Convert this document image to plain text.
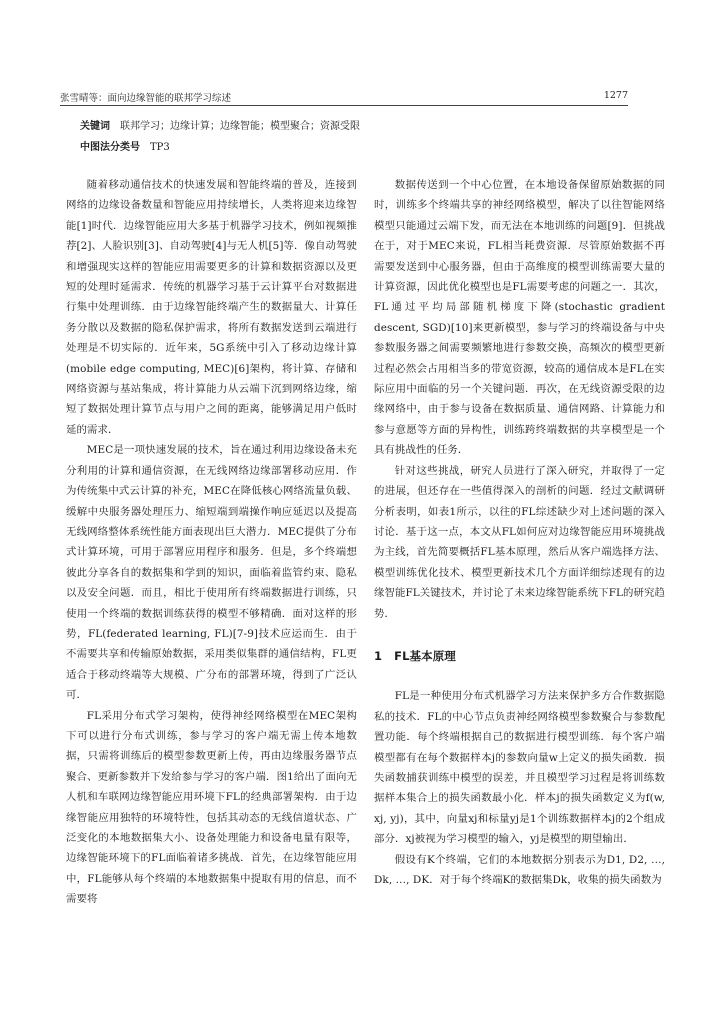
张雪晴等：面向边缘智能的联邦学习综述	1277
关键词 联邦学习；边缘计算；边缘智能；模型聚合；资源受限
中图法分类号 TP3

随着移动通信技术的快速发展和智能终端的普及，连接到网络的边缘设备数量和智能应用持续增长，人类将迎来边缘智能[1]时代．边缘智能应用大多基于机器学习技术，例如视频推荐[2]、人脸识别[3]、自动驾驶[4]与无人机[5]等．像自动驾驶和增强现实这样的智能应用需要更多的计算和数据资源以及更短的处理时延需求．传统的机器学习基于云计算平台对数据进行集中处理训练．由于边缘智能终端产生的数据量大、计算任务分散以及数据的隐私保护需求，将所有数据发送到云端进行处理是不切实际的．近年来，5G系统中引入了移动边缘计算(mobile edge computing, MEC)[6]架构，将计算、存储和网络资源与基站集成，将计算能力从云端下沉到网络边缘，缩短了数据处理计算节点与用户之间的距离，能够满足用户低时延的需求．

MEC是一项快速发展的技术，旨在通过利用边缘设备未充分利用的计算和通信资源，在无线网络边缘部署移动应用．作为传统集中式云计算的补充，MEC在降低核心网络流量负载、缓解中央服务器处理压力、缩短端到端操作响应延迟以及提高无线网络整体系统性能方面表现出巨大潜力．MEC提供了分布式计算环境，可用于部署应用程序和服务．但是，多个终端想彼此分享各自的数据集和学到的知识，面临着监管约束、隐私以及安全问题．而且，相比于使用所有终端数据进行训练，只使用一个终端的数据训练获得的模型不够精确．面对这样的形势，FL(federated learning, FL)[7-9]技术应运而生．由于不需要共享和传输原始数据，采用类似集群的通信结构，FL更适合于移动终端等大规模、广分布的部署环境，得到了广泛认可．

FL采用分布式学习架构，使得神经网络模型在MEC架构下可以进行分布式训练，参与学习的客户端无需上传本地数据，只需将训练后的模型参数更新上传，再由边缘服务器节点聚合、更新参数并下发给参与学习的客户端．图1给出了面向无人机和车联网边缘智能应用环境下FL的经典部署架构．由于边缘智能应用独特的环境特性，包括其动态的无线信道状态、广泛变化的本地数据集大小、设备处理能力和设备电量有限等，边缘智能环境下的FL面临着诸多挑战．首先，在边缘智能应用中，FL能够从每个终端的本地数据集中提取有用的信息，而不需要将

数据传送到一个中心位置，在本地设备保留原始数据的同时，训练多个终端共享的神经网络模型，解决了以往智能网络模型只能通过云端下发，而无法在本地训练的问题[9]．但挑战在于，对于MEC来说，FL相当耗费资源．尽管原始数据不再需要发送到中心服务器，但由于高维度的模型训练需要大量的计算资源，因此优化模型也是FL需要考虑的问题之一．其次，FL通过平均局部随机梯度下降(stochastic gradient descent, SGD)[10]来更新模型，参与学习的终端设备与中央参数服务器之间需要频繁地进行参数交换，高频次的模型更新过程必然会占用相当多的带宽资源，较高的通信成本是FL在实际应用中面临的另一个关键问题．再次，在无线资源受限的边缘网络中，由于参与设备在数据质量、通信网路、计算能力和参与意愿等方面的异构性，训练跨终端数据的共享模型是一个具有挑战性的任务．

针对这些挑战，研究人员进行了深入研究，并取得了一定的进展，但还存在一些值得深入的剖析的问题．经过文献调研分析表明，如表1所示，以往的FL综述缺少对上述问题的深入讨论．基于这一点，本文从FL如何应对边缘智能应用环境挑战为主线，首先简要概括FL基本原理，然后从客户端选择方法、模型训练优化技术、模型更新技术几个方面详细综述现有的边缘智能FL关键技术，并讨论了未来边缘智能系统下FL的研究趋势．

1 FL基本原理

FL是一种使用分布式机器学习方法来保护多方合作数据隐私的技术．FL的中心节点负责神经网络模型参数聚合与参数配置功能．每个终端根据自己的数据进行模型训练．每个客户端模型都有在每个数据样本j的参数向量w上定义的损失函数．损失函数捕获训练中模型的误差，并且模型学习过程是将训练数据样本集合上的损失函数最小化．样本j的损失函数定义为f(w, xj, yj)，其中，向量xj和标量yj是1个训练数据样本j的2个组成部分．xj被视为学习模型的输入，yj是模型的期望输出．

假设有K个终端，它们的本地数据分别表示为D1, D2, …, Dk, …, DK．对于每个终端K的数据集Dk，收集的损失函数为
